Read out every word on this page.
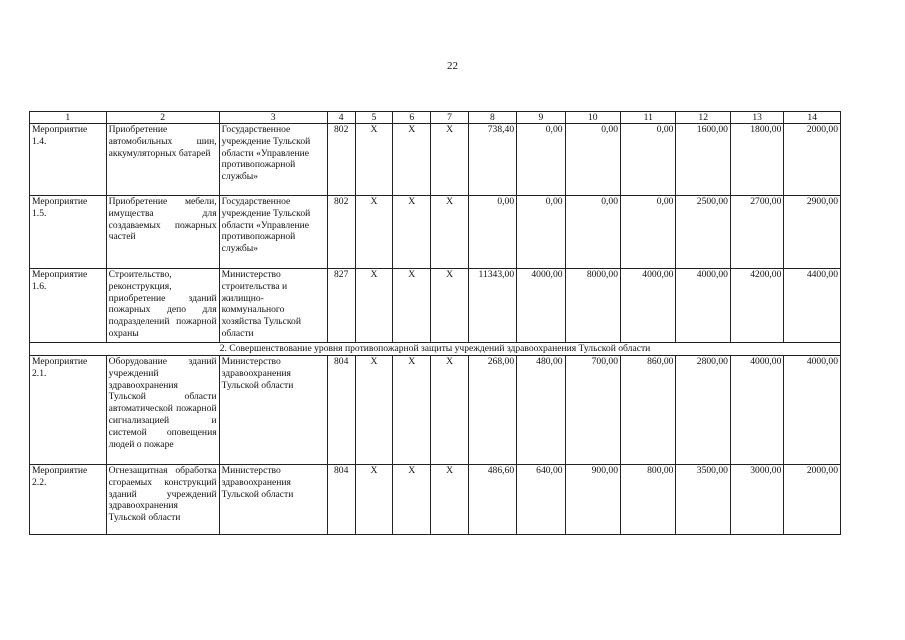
22
1	2	3	4	5	6	7	8	9	10	11	12	13	14
Мероприятие 1.4.	Приобретение автомобильных шин, аккумуляторных батарей	Государственное учреждение Тульской области «Управление противопожарной службы»	802	X	X	X	738,40	0,00	0,00	0,00	1600,00	1800,00	2000,00
Мероприятие 1.5.	Приобретение мебели, имущества для создаваемых пожарных частей	Государственное учреждение Тульской области «Управление противопожарной службы»	802	X	X	X	0,00	0,00	0,00	0,00	2500,00	2700,00	2900,00
Мероприятие 1.6.	Строительство, реконструкция, приобретение зданий пожарных депо для подразделений пожарной охраны	Министерство строительства и жилищно-коммунального хозяйства Тульской области	827	X	X	X	11343,00	4000,00	8000,00	4000,00	4000,00	4200,00	4400,00
2. Совершенствование уровня противопожарной защиты учреждений здравоохранения Тульской области													
Мероприятие 2.1.	Оборудование зданий учреждений здравоохранения Тульской области автоматической пожарной сигнализацией и системой оповещения людей о пожаре	Министерство здравоохранения Тульской области	804	X	X	X	268,00	480,00	700,00	860,00	2800,00	4000,00	4000,00
Мероприятие 2.2.	Огнезащитная обработка сгораемых конструкций зданий учреждений здравоохранения Тульской области	Министерство здравоохранения Тульской области	804	X	X	X	486,60	640,00	900,00	800,00	3500,00	3000,00	2000,00
